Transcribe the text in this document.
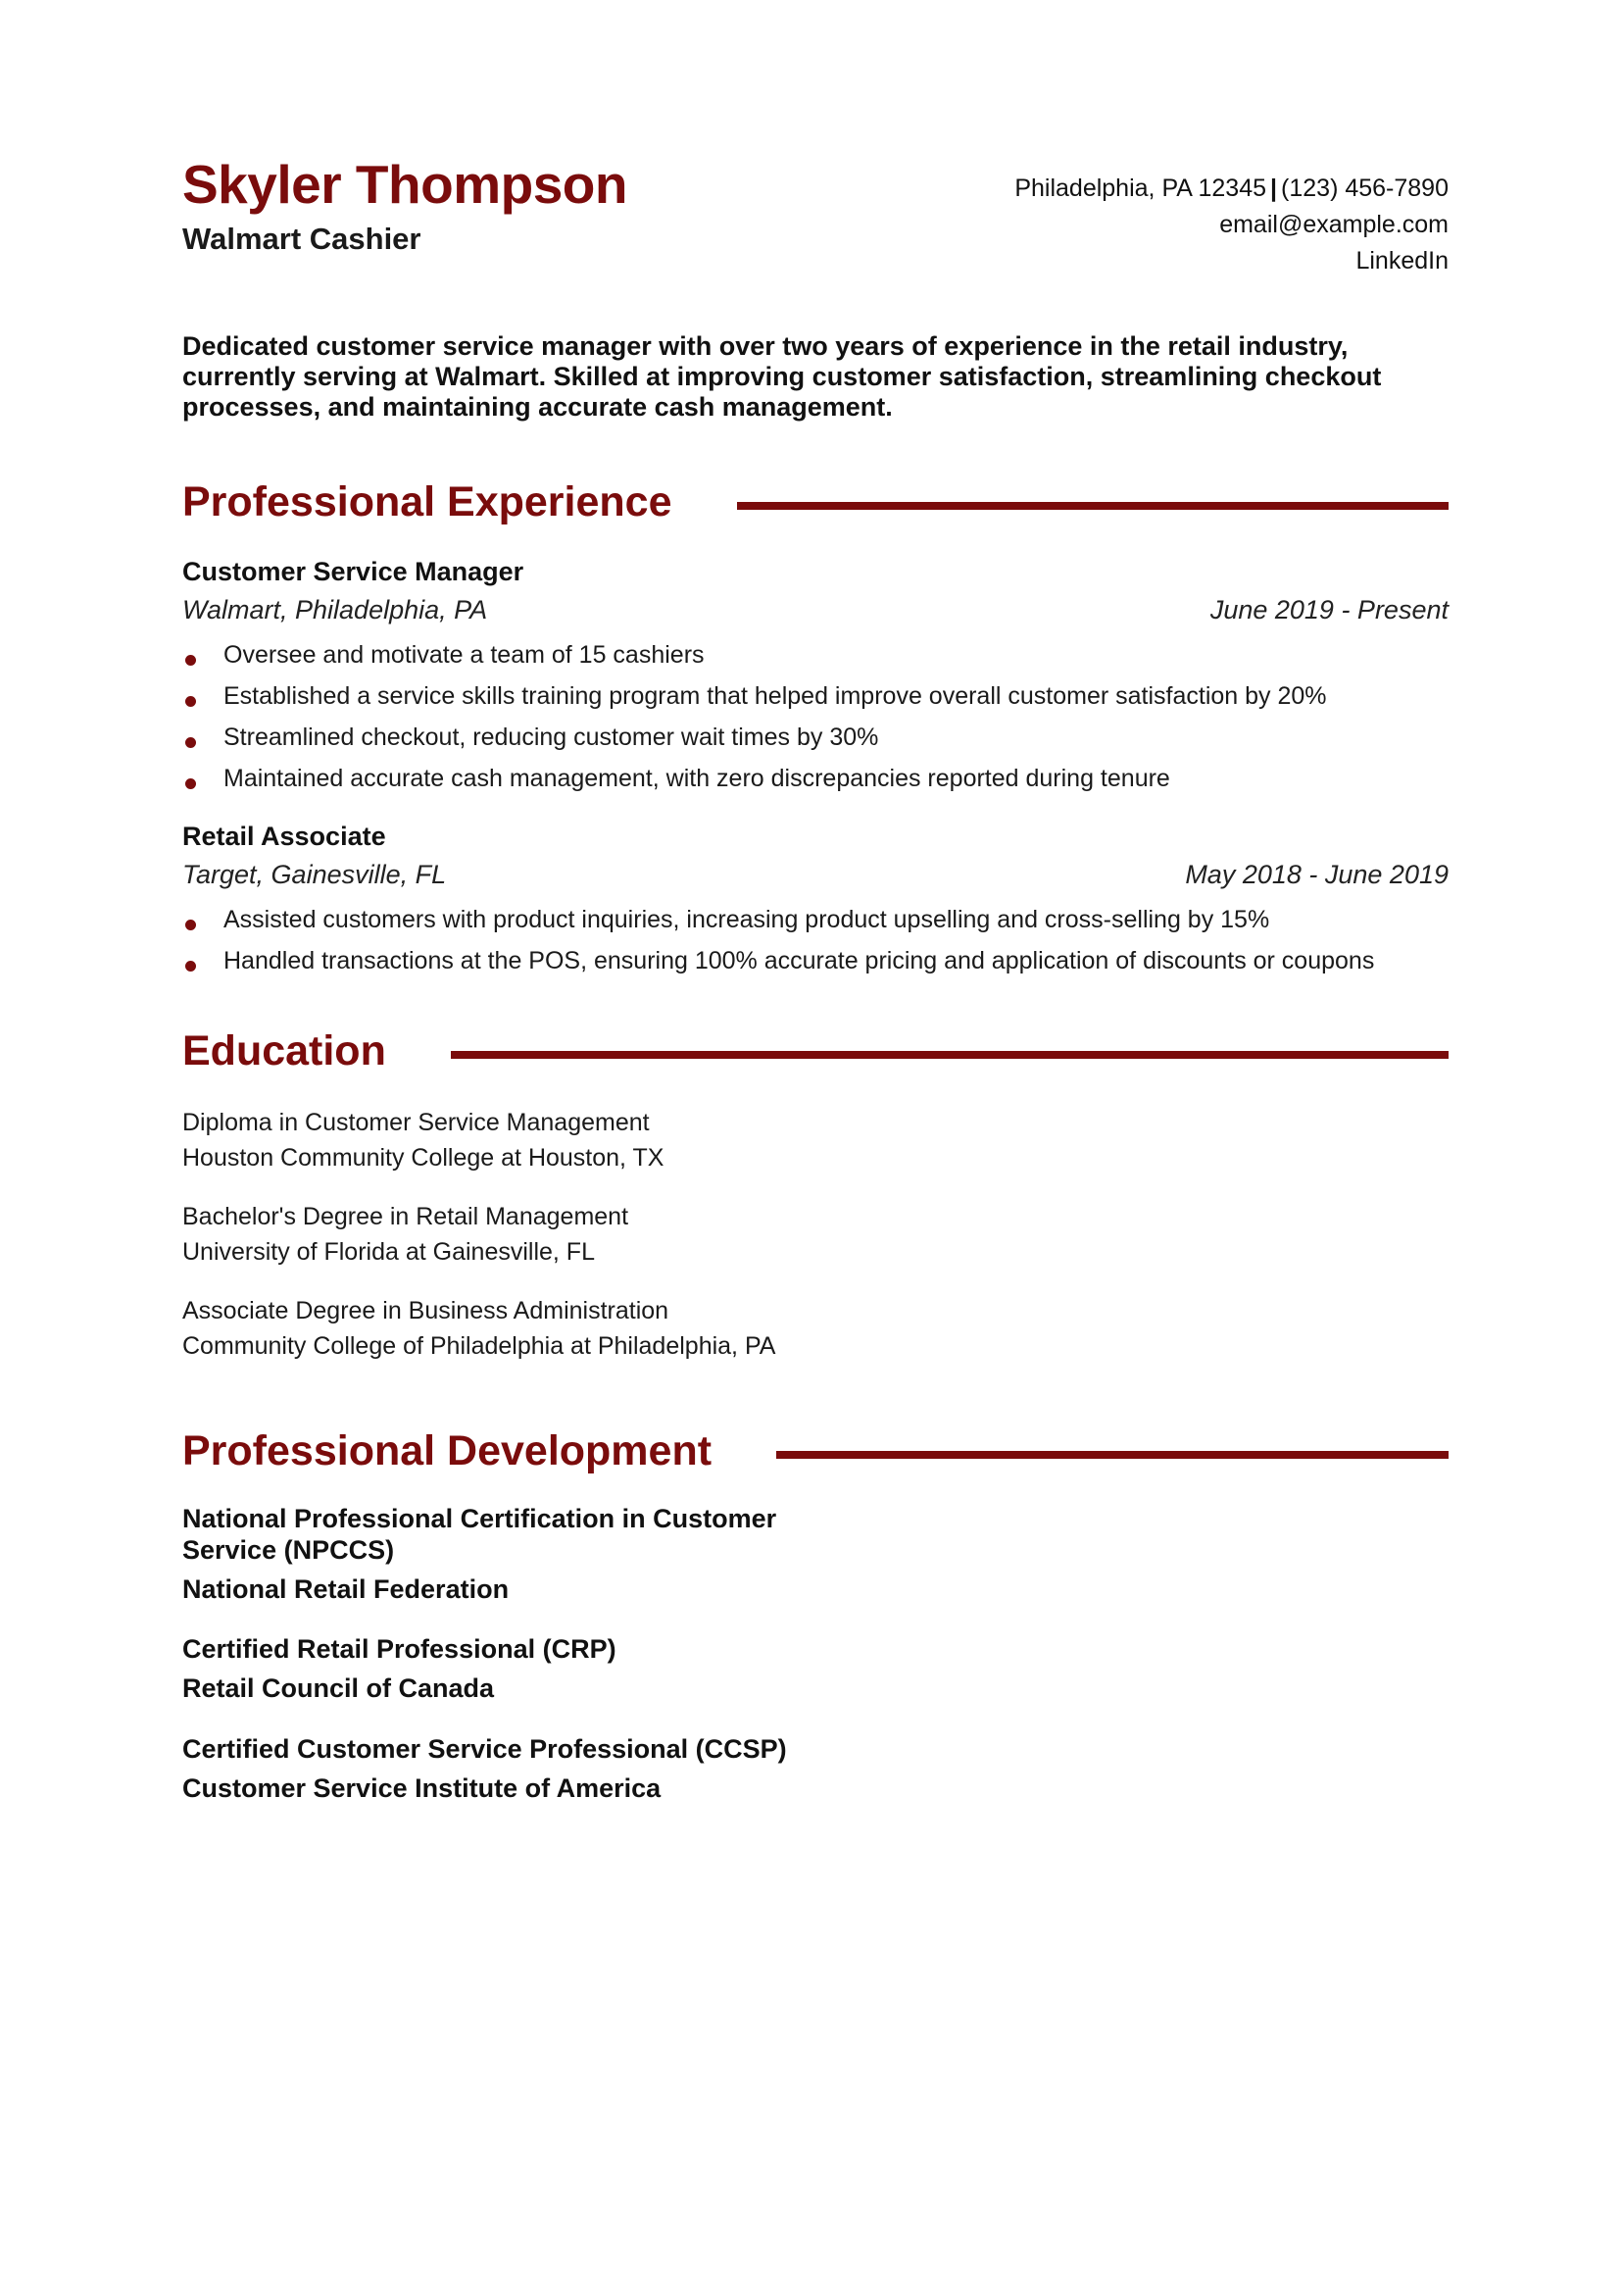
Skyler Thompson
Walmart Cashier
Philadelphia, PA 12345 | (123) 456-7890
email@example.com
LinkedIn
Dedicated customer service manager with over two years of experience in the retail industry, currently serving at Walmart. Skilled at improving customer satisfaction, streamlining checkout processes, and maintaining accurate cash management.
Professional Experience
Customer Service Manager
Walmart, Philadelphia, PA	June 2019 - Present
Oversee and motivate a team of 15 cashiers
Established a service skills training program that helped improve overall customer satisfaction by 20%
Streamlined checkout, reducing customer wait times by 30%
Maintained accurate cash management, with zero discrepancies reported during tenure
Retail Associate
Target, Gainesville, FL	May 2018 - June 2019
Assisted customers with product inquiries, increasing product upselling and cross-selling by 15%
Handled transactions at the POS, ensuring 100% accurate pricing and application of discounts or coupons
Education
Diploma in Customer Service Management
Houston Community College at Houston, TX
Bachelor's Degree in Retail Management
University of Florida at Gainesville, FL
Associate Degree in Business Administration
Community College of Philadelphia at Philadelphia, PA
Professional Development
National Professional Certification in Customer Service (NPCCS)
National Retail Federation
Certified Retail Professional (CRP)
Retail Council of Canada
Certified Customer Service Professional (CCSP)
Customer Service Institute of America
